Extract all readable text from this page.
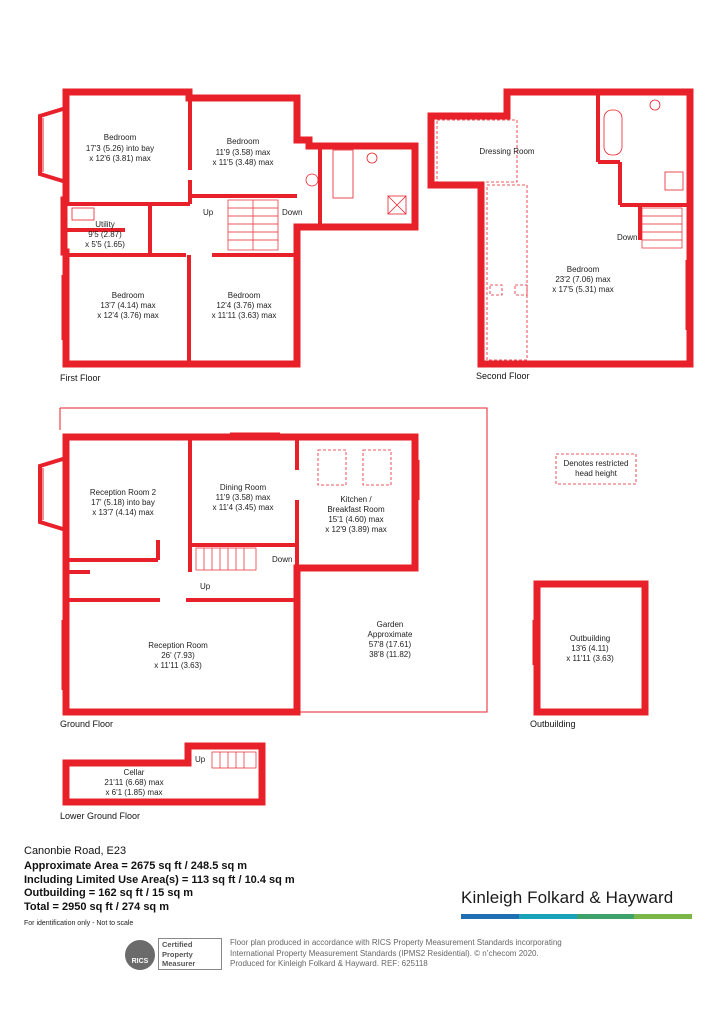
Bedroom
17'3 (5.26) into bay
x 12'6 (3.81) max
Bedroom
11'9 (3.58) max
x 11'5 (3.48) max
Utility
9'5 (2.87)
x 5'5 (1.65)
Bedroom
13'7 (4.14) max
x 12'4 (3.76) max
Bedroom
12'4 (3.76) max
x 11'11 (3.63) max
Up	Down
First Floor
Dressing Room
Bedroom
23'2 (7.06) max
x 17'5 (5.31) max
Down
Second Floor
Reception Room 2
17' (5.18) into bay
x 13'7 (4.14) max
Dining Room
11'9 (3.58) max
x 11'4 (3.45) max
Kitchen /
Breakfast Room
15'1 (4.60) max
x 12'9 (3.89) max
Reception Room
26' (7.93)
x 11'11 (3.63)
Garden
Approximate
57'8 (17.61)
38'8 (11.82)
Down
Up
Ground Floor
Denotes restricted
head height
Outbuilding
13'6 (4.11)
x 11'11 (3.63)
Outbuilding
Cellar
21'11 (6.68) max
x 6'1 (1.85) max
Up
Lower Ground Floor

Canonbie Road, E23

Approximate Area = 2675 sq ft / 248.5 sq m

Including Limited Use Area(s) = 113 sq ft / 10.4 sq m

Outbuilding = 162 sq ft / 15 sq m

Total = 2950 sq ft / 274 sq m

For identification only - Not to scale
Kinleigh Folkard & Hayward
RICS
Certified
Property
Measurer
Floor plan produced in accordance with RICS Property Measurement Standards incorporating
International Property Measurement Standards (IPMS2 Residential). © n’checom 2020.
Produced for Kinleigh Folkard & Hayward. REF: 625118
